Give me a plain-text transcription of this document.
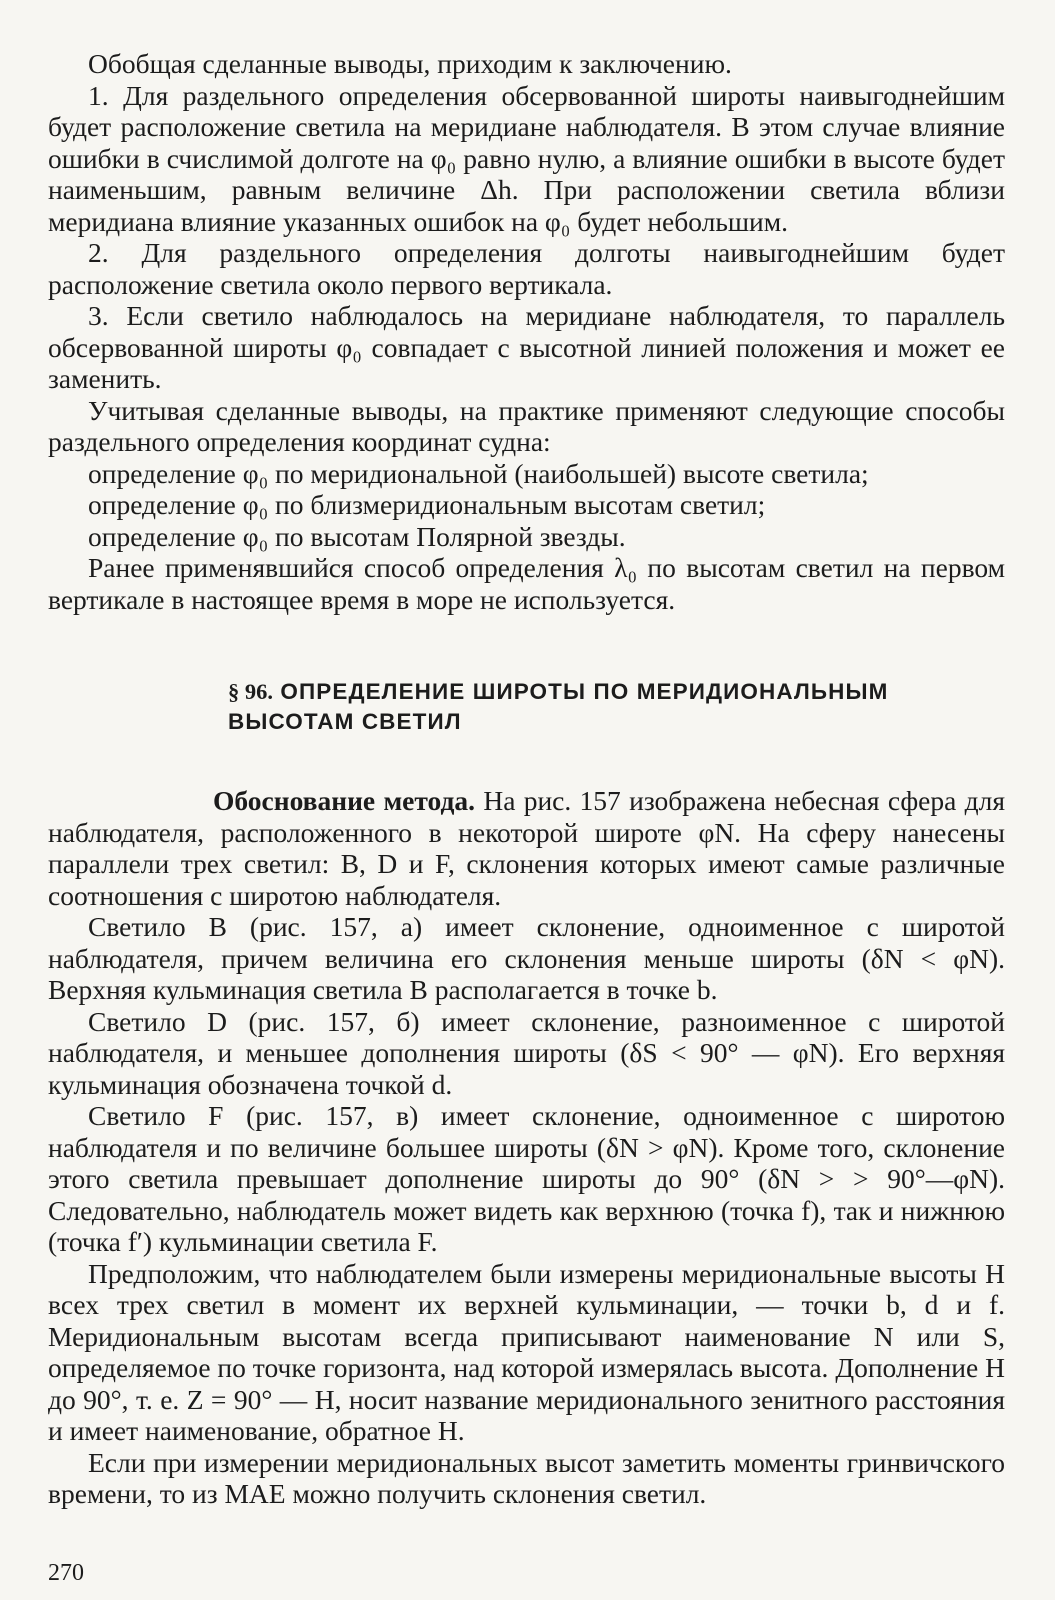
Обобщая сделанные выводы, приходим к заключению.

1. Для раздельного определения обсервованной широты наивыгоднейшим будет расположение светила на меридиане наблюдателя. В этом случае влияние ошибки в счислимой долготе на φ₀ равно нулю, а влияние ошибки в высоте будет наименьшим, равным величине Δh. При расположении светила вблизи меридиана влияние указанных ошибок на φ₀ будет небольшим.

2. Для раздельного определения долготы наивыгоднейшим будет расположение светила около первого вертикала.

3. Если светило наблюдалось на меридиане наблюдателя, то параллель обсервованной широты φ₀ совпадает с высотной линией положения и может ее заменить.

Учитывая сделанные выводы, на практике применяют следующие способы раздельного определения координат судна:

определение φ₀ по меридиональной (наибольшей) высоте светила;

определение φ₀ по близмеридиональным высотам светил;

определение φ₀ по высотам Полярной звезды.

Ранее применявшийся способ определения λ₀ по высотам светил на первом вертикале в настоящее время в море не используется.

§ 96. ОПРЕДЕЛЕНИЕ ШИРОТЫ ПО МЕРИДИОНАЛЬНЫМ
ВЫСОТАМ СВЕТИЛ

Обоснование метода. На рис. 157 изображена небесная сфера для наблюдателя, расположенного в некоторой широте φN. На сферу нанесены параллели трех светил: B, D и F, склонения которых имеют самые различные соотношения с широтою наблюдателя.

Светило B (рис. 157, а) имеет склонение, одноименное с широтой наблюдателя, причем величина его склонения меньше широты (δN < φN). Верхняя кульминация светила B располагается в точке b.

Светило D (рис. 157, б) имеет склонение, разноименное с широтой наблюдателя, и меньшее дополнения широты (δS < 90° — φN). Его верхняя кульминация обозначена точкой d.

Светило F (рис. 157, в) имеет склонение, одноименное с широтою наблюдателя и по величине большее широты (δN > φN). Кроме того, склонение этого светила превышает дополнение широты до 90° (δN > > 90°—φN). Следовательно, наблюдатель может видеть как верхнюю (точка f), так и нижнюю (точка f′) кульминации светила F.

Предположим, что наблюдателем были измерены меридиональные высоты H всех трех светил в момент их верхней кульминации, — точки b, d и f. Меридиональным высотам всегда приписывают наименование N или S, определяемое по точке горизонта, над которой измерялась высота. Дополнение H до 90°, т. е. Z = 90° — H, носит название меридионального зенитного расстояния и имеет наименование, обратное H.

Если при измерении меридиональных высот заметить моменты гринвичского времени, то из МАЕ можно получить склонения светил.

270
